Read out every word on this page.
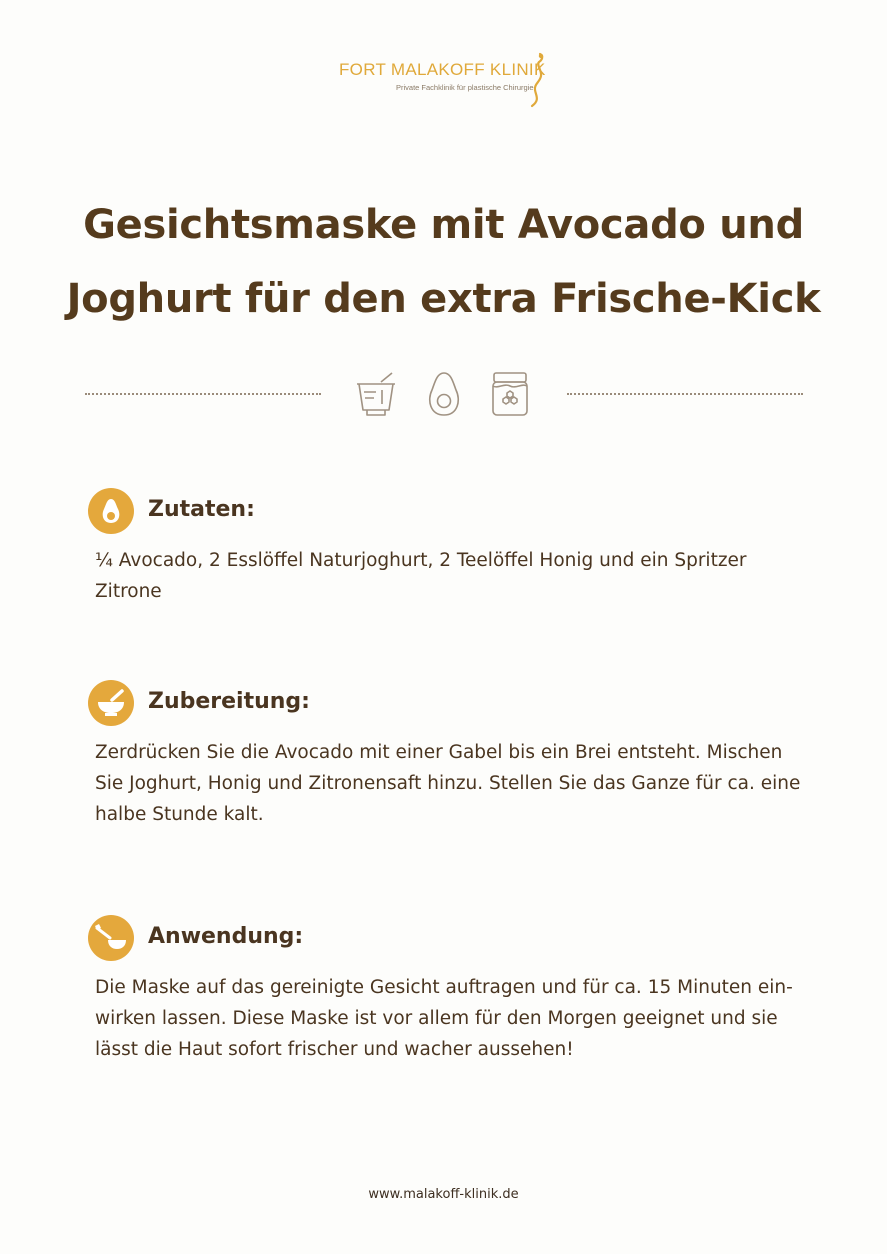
FORT MALAKOFF KLINIK
Private Fachklinik für plastische Chirurgie
Gesichtsmaske mit Avocado und
Joghurt für den extra Frische-Kick
Zutaten:

¼ Avocado, 2 Esslöffel Naturjoghurt, 2 Teelöffel Honig und ein Spritzer Zitrone

Zubereitung:

Zerdrücken Sie die Avocado mit einer Gabel bis ein Brei entsteht. Mischen Sie Joghurt, Honig und Zitronensaft hinzu. Stellen Sie das Ganze für ca. eine halbe Stunde kalt.

Anwendung:

Die Maske auf das gereinigte Gesicht auftragen und für ca. 15 Minuten ein-wirken lassen. Diese Maske ist vor allem für den Morgen geeignet und sie lässt die Haut sofort frischer und wacher aussehen!

www.malakoff-klinik.de
